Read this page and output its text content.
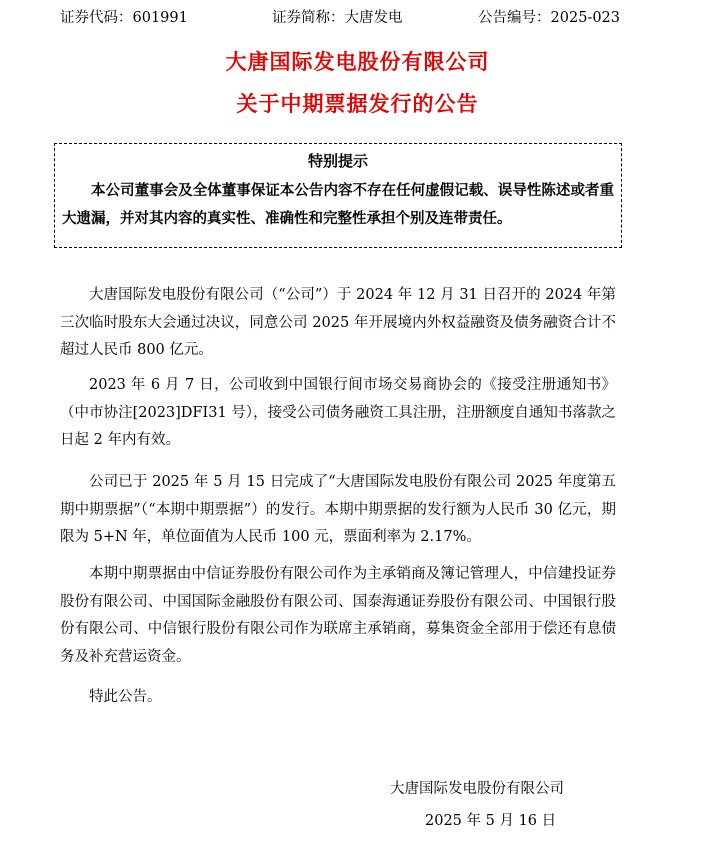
证券代码：601991	证券简称：大唐发电	公告编号：2025-023
大唐国际发电股份有限公司
关于中期票据发行的公告
特别提示
本公司董事会及全体董事保证本公告内容不存在任何虚假记载、误导性陈述或者重大遗漏，并对其内容的真实性、准确性和完整性承担个别及连带责任。
大唐国际发电股份有限公司（“公司”）于 2024 年 12 月 31 日召开的 2024 年第三次临时股东大会通过决议，同意公司 2025 年开展境内外权益融资及债务融资合计不超过人民币 800 亿元。
2023 年 6 月 7 日，公司收到中国银行间市场交易商协会的《接受注册通知书》（中市协注[2023]DFI31 号），接受公司债务融资工具注册，注册额度自通知书落款之日起 2 年内有效。
公司已于 2025 年 5 月 15 日完成了“大唐国际发电股份有限公司 2025 年度第五期中期票据”（“本期中期票据”）的发行。本期中期票据的发行额为人民币 30 亿元，期限为 5+N 年，单位面值为人民币 100 元，票面利率为 2.17%。
本期中期票据由中信证券股份有限公司作为主承销商及簿记管理人，中信建投证券股份有限公司、中国国际金融股份有限公司、国泰海通证券股份有限公司、中国银行股份有限公司、中信银行股份有限公司作为联席主承销商，募集资金全部用于偿还有息债务及补充营运资金。
特此公告。
大唐国际发电股份有限公司
2025 年 5 月 16 日
